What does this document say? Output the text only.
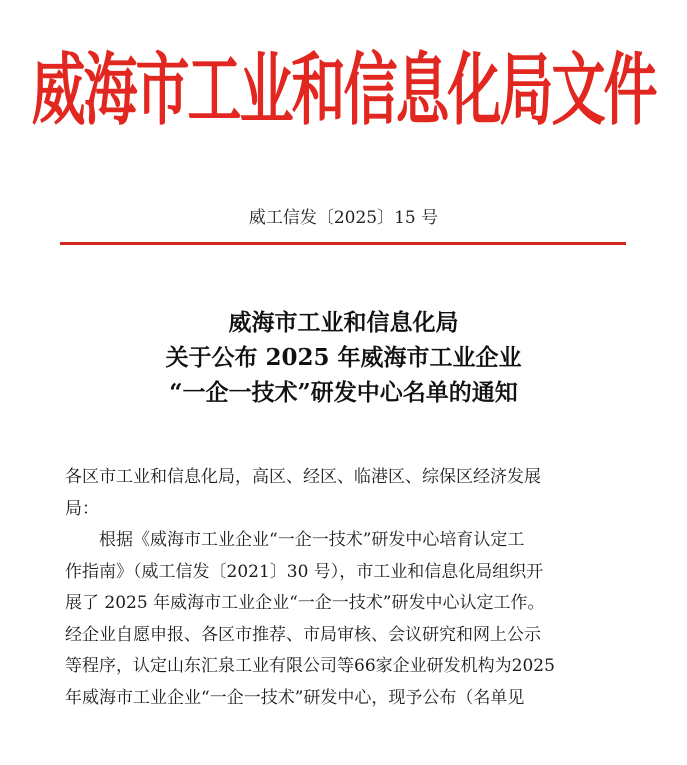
威海市工业和信息化局文件
威工信发〔2025〕15 号
威海市工业和信息化局
关于公布 2025 年威海市工业企业
“一企一技术”研发中心名单的通知
各区市工业和信息化局，高区、经区、临港区、综保区经济发展
局：
根据《威海市工业企业“一企一技术”研发中心培育认定工
作指南》（威工信发〔2021〕30 号），市工业和信息化局组织开
展了 2025 年威海市工业企业“一企一技术”研发中心认定工作。
经企业自愿申报、各区市推荐、市局审核、会议研究和网上公示
等程序，认定山东汇泉工业有限公司等66家企业研发机构为2025
年威海市工业企业“一企一技术”研发中心，现予公布（名单见
